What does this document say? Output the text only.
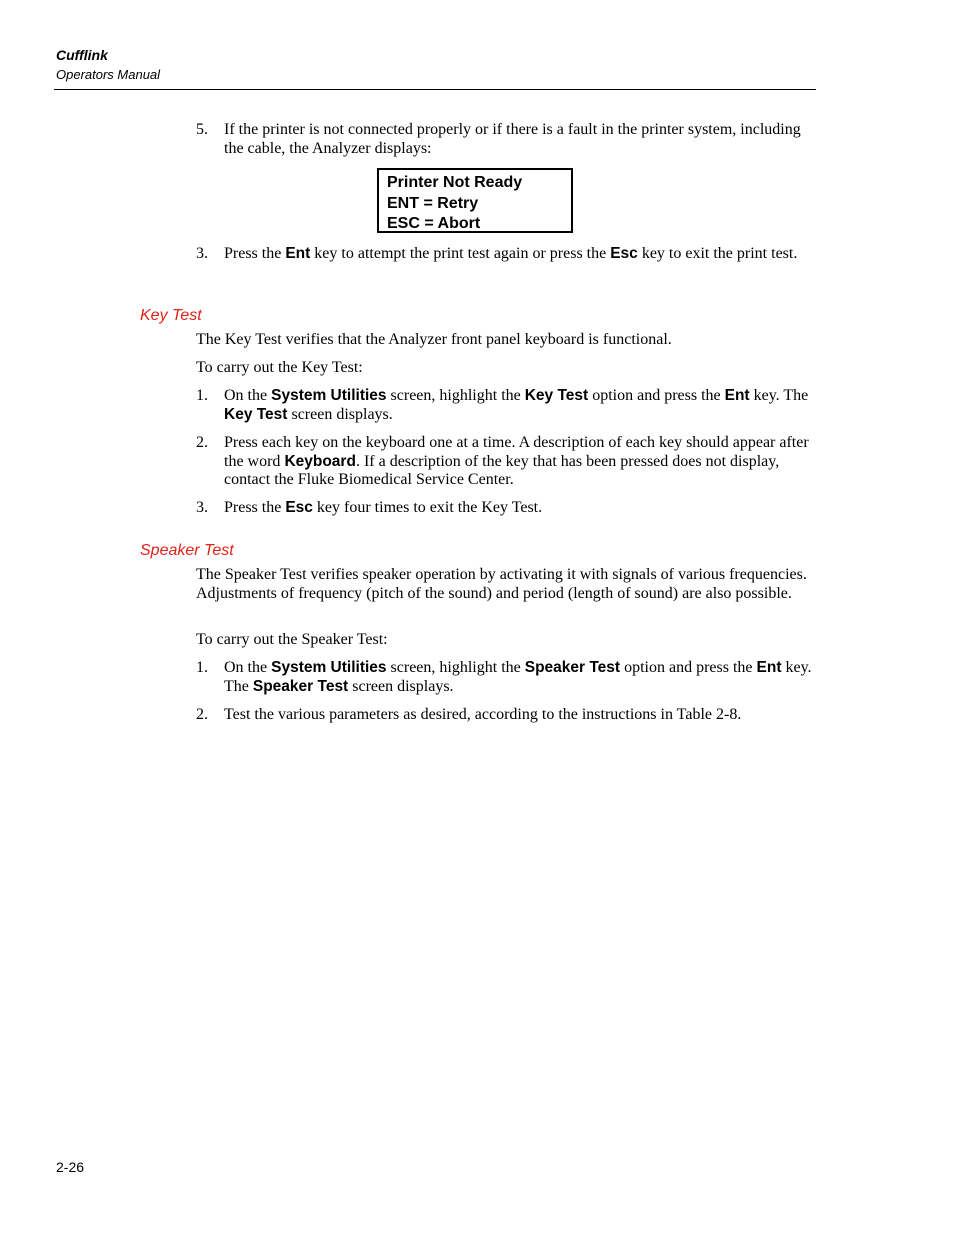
Cufflink
Operators Manual
5. If the printer is not connected properly or if there is a fault in the printer system, including the cable, the Analyzer displays:
Printer Not Ready
ENT = Retry
ESC = Abort
3. Press the Ent key to attempt the print test again or press the Esc key to exit the print test.
Key Test
The Key Test verifies that the Analyzer front panel keyboard is functional.
To carry out the Key Test:
1. On the System Utilities screen, highlight the Key Test option and press the Ent key. The Key Test screen displays.
2. Press each key on the keyboard one at a time. A description of each key should appear after the word Keyboard. If a description of the key that has been pressed does not display, contact the Fluke Biomedical Service Center.
3. Press the Esc key four times to exit the Key Test.
Speaker Test
The Speaker Test verifies speaker operation by activating it with signals of various frequencies. Adjustments of frequency (pitch of the sound) and period (length of sound) are also possible.
To carry out the Speaker Test:
1. On the System Utilities screen, highlight the Speaker Test option and press the Ent key. The Speaker Test screen displays.
2. Test the various parameters as desired, according to the instructions in Table 2-8.
2-26
